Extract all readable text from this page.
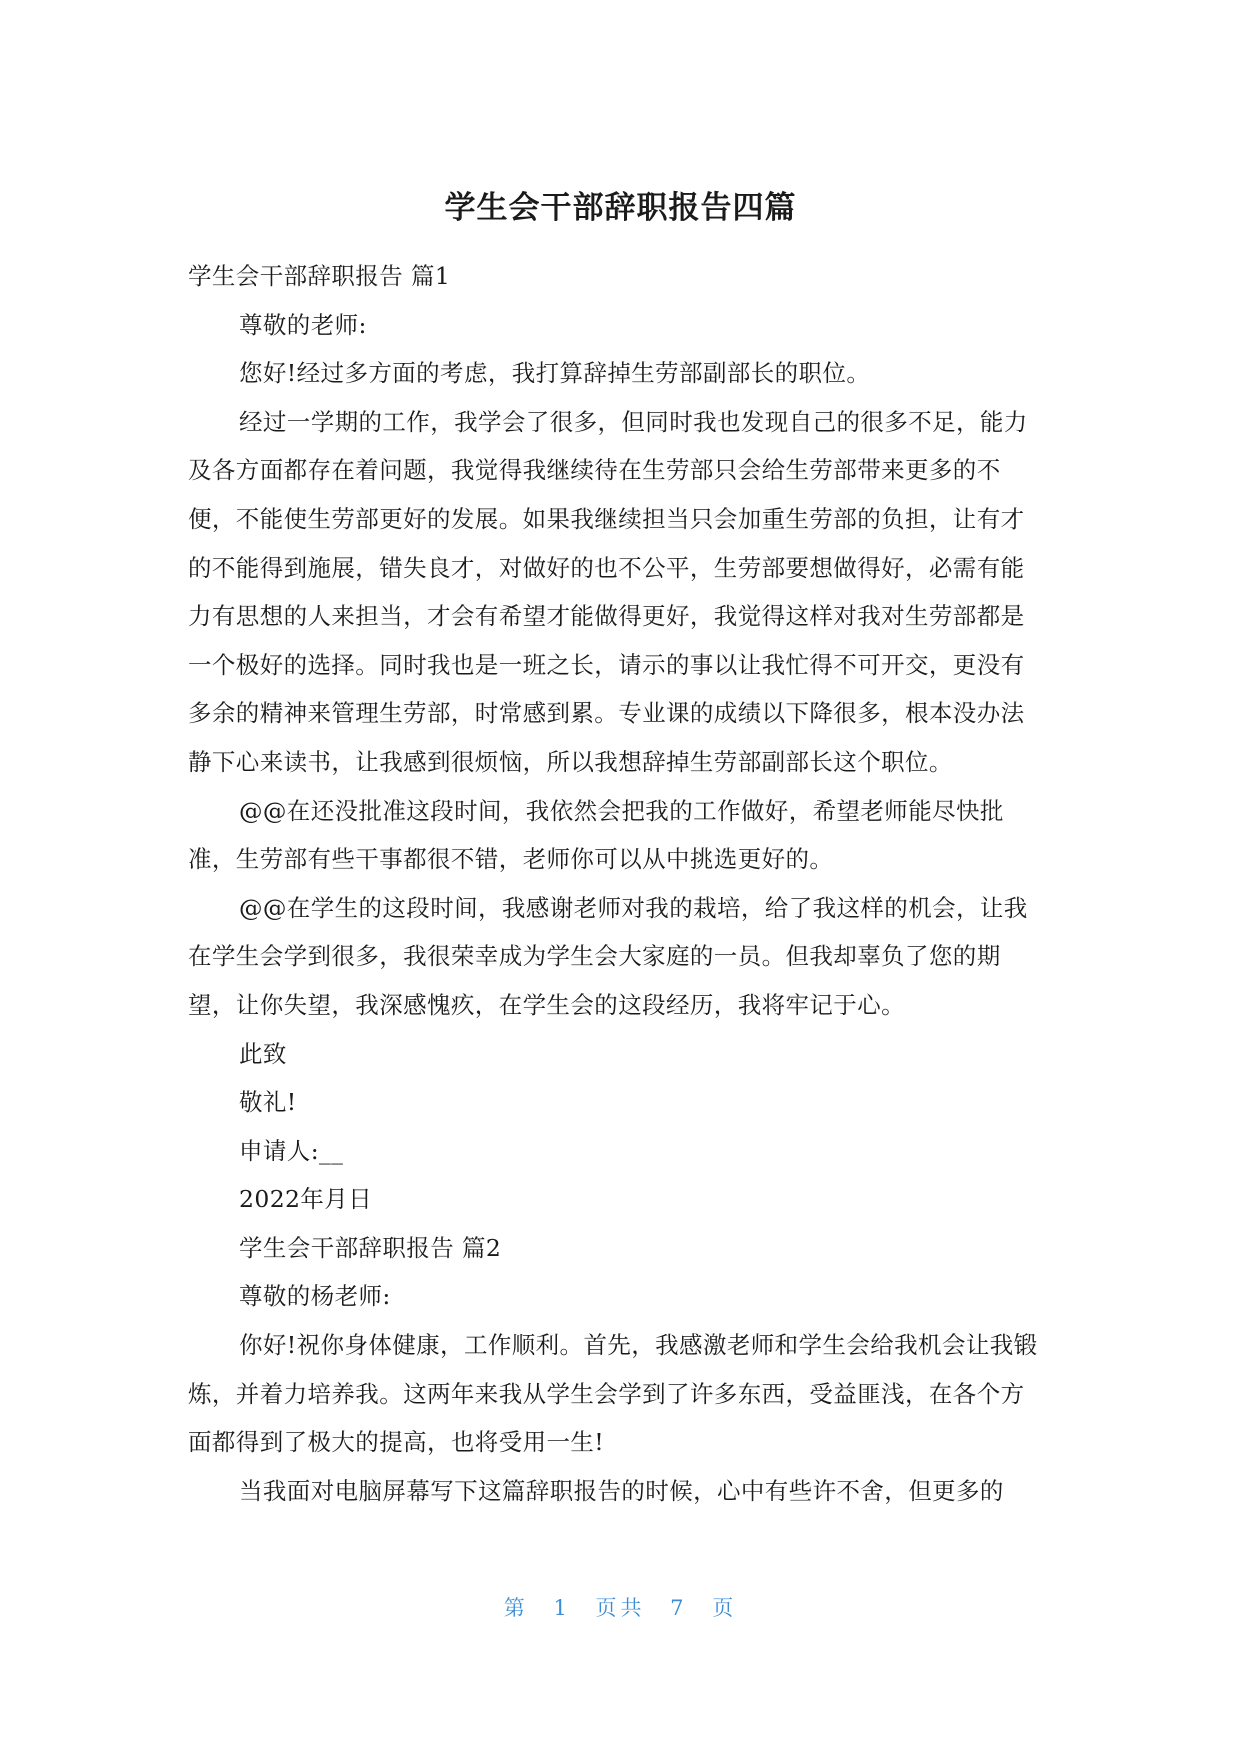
学生会干部辞职报告四篇

学生会干部辞职报告 篇1

尊敬的老师:

您好!经过多方面的考虑，我打算辞掉生劳部副部长的职位。

经过一学期的工作，我学会了很多，但同时我也发现自己的很多不足，能力及各方面都存在着问题，我觉得我继续待在生劳部只会给生劳部带来更多的不便，不能使生劳部更好的发展。如果我继续担当只会加重生劳部的负担，让有才的不能得到施展，错失良才，对做好的也不公平，生劳部要想做得好，必需有能力有思想的人来担当，才会有希望才能做得更好，我觉得这样对我对生劳部都是一个极好的选择。同时我也是一班之长，请示的事以让我忙得不可开交，更没有多余的精神来管理生劳部，时常感到累。专业课的成绩以下降很多，根本没办法静下心来读书，让我感到很烦恼，所以我想辞掉生劳部副部长这个职位。

@@在还没批准这段时间，我依然会把我的工作做好，希望老师能尽快批准，生劳部有些干事都很不错，老师你可以从中挑选更好的。

@@在学生的这段时间，我感谢老师对我的栽培，给了我这样的机会，让我在学生会学到很多，我很荣幸成为学生会大家庭的一员。但我却辜负了您的期望，让你失望，我深感愧疚，在学生会的这段经历，我将牢记于心。

此致

敬礼!

申请人:__

2022年月日

学生会干部辞职报告 篇2

尊敬的杨老师:

你好!祝你身体健康，工作顺利。首先，我感激老师和学生会给我机会让我锻炼，并着力培养我。这两年来我从学生会学到了许多东西，受益匪浅，在各个方面都得到了极大的提高，也将受用一生!

当我面对电脑屏幕写下这篇辞职报告的时候，心中有些许不舍，但更多的

第 1 页共 7 页
